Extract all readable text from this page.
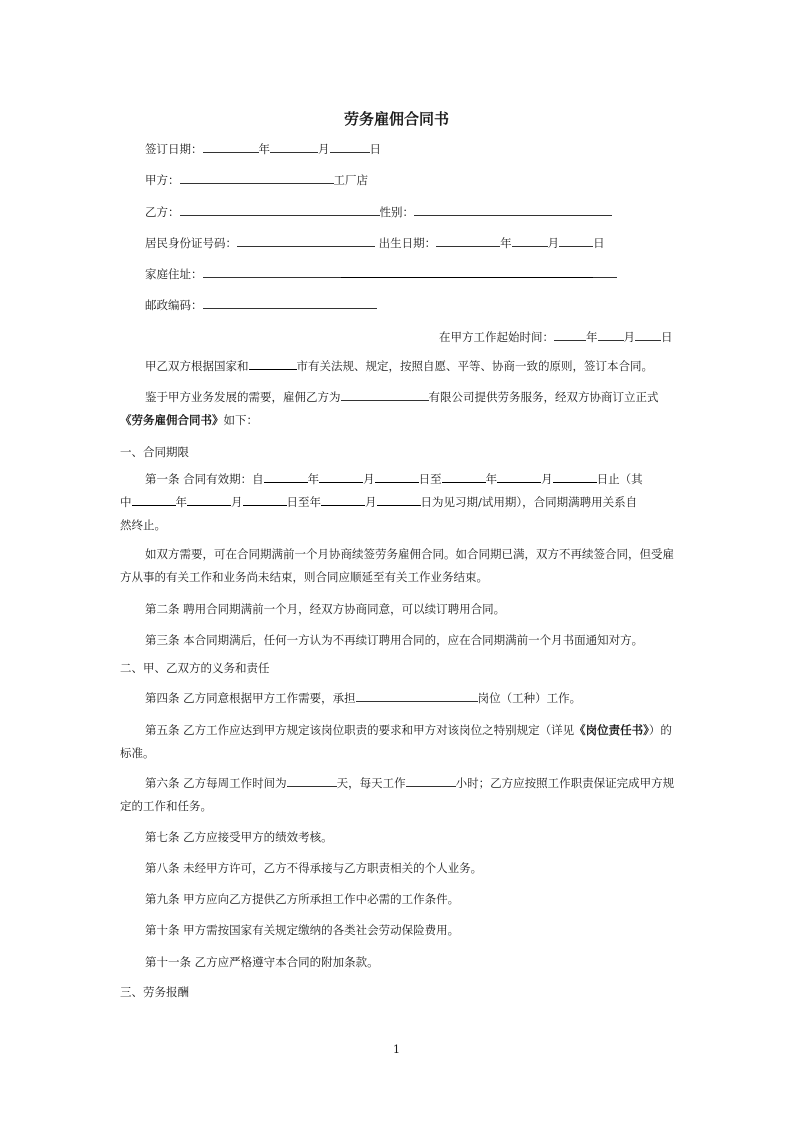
劳务雇佣合同书
签订日期：	年	月	日
甲方：	工厂店
乙方：	性别：
居民身份证号码：	出生日期：	年	月	日
家庭住址：
邮政编码：
在甲方工作起始时间：	年 月 日
甲乙双方根据国家和	市有关法规、规定，按照自愿、平等、协商一致的原则，签订本合同。
鉴于甲方业务发展的需要，雇佣乙方为	有限公司提供劳务服务，经双方协商订立正式《劳务雇佣合同书》如下：
一、合同期限
第一条 合同有效期：自	年	月	日至	年	月	日止（其
中	年	月	日至年	月	日为见习期/试用期），合同期满聘用关系自
然终止。
如双方需要，可在合同期满前一个月协商续签劳务雇佣合同。如合同期已满，双方不再续签合同，但受雇方从事的有关工作和业务尚未结束，则合同应顺延至有关工作业务结束。
第二条 聘用合同期满前一个月，经双方协商同意，可以续订聘用合同。
第三条 本合同期满后，任何一方认为不再续订聘用合同的，应在合同期满前一个月书面通知对方。
二、甲、乙双方的义务和责任
第四条 乙方同意根据甲方工作需要，承担	岗位（工种）工作。
第五条 乙方工作应达到甲方规定该岗位职责的要求和甲方对该岗位之特别规定（详见《岗位责任书》）的标准。
第六条 乙方每周工作时间为	天，每天工作	小时；乙方应按照工作职责保证完成甲方规定的工作和任务。
第七条 乙方应接受甲方的绩效考核。
第八条 未经甲方许可，乙方不得承接与乙方职责相关的个人业务。
第九条 甲方应向乙方提供乙方所承担工作中必需的工作条件。
第十条 甲方需按国家有关规定缴纳的各类社会劳动保险费用。
第十一条 乙方应严格遵守本合同的附加条款。
三、劳务报酬
1
